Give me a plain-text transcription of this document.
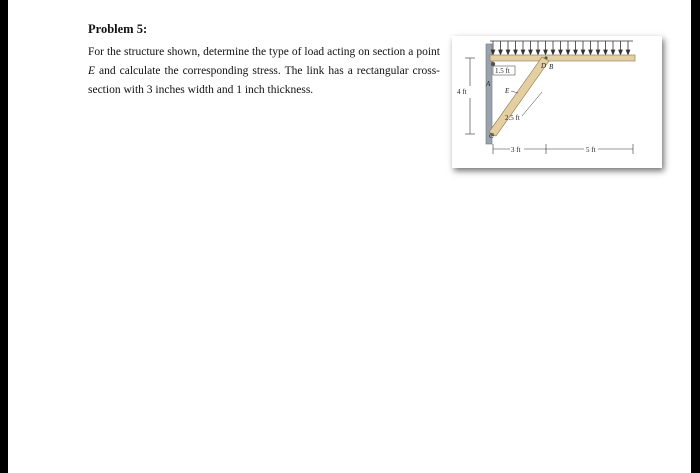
Problem 5:

For the structure shown, determine the type of load acting on section a point E and calculate the corresponding stress. The link has a rectangular cross-section with 3 inches width and 1 inch thickness.	4 ft
1.5 ft
A
D B
E
C
2.5 ft
3 ft	5 ft
